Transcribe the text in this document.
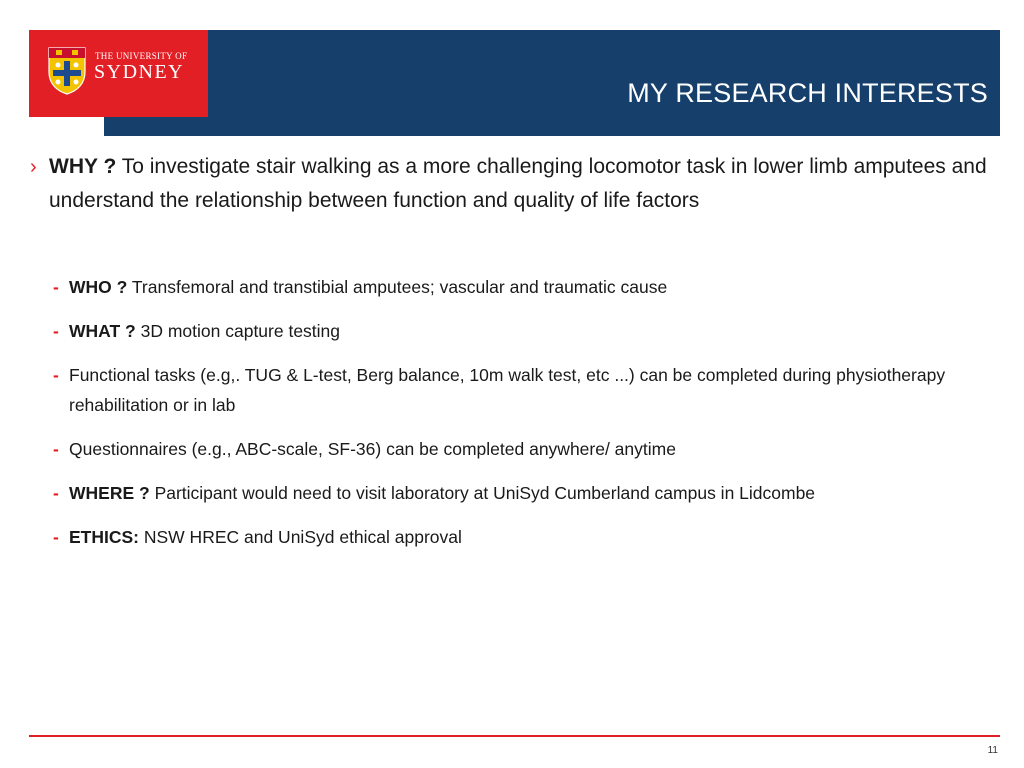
MY RESEARCH INTERESTS
THE UNIVERSITY OF
SYDNEY

› WHY ? To investigate stair walking as a more challenging locomotor task in lower limb amputees and understand the relationship between function and quality of life factors

- WHO ? Transfemoral and transtibial amputees; vascular and traumatic cause
- WHAT ? 3D motion capture testing
- Functional tasks (e.g,. TUG & L-test, Berg balance, 10m walk test, etc ...) can be completed during physiotherapy rehabilitation or in lab
- Questionnaires (e.g., ABC-scale, SF-36) can be completed anywhere/ anytime
- WHERE ? Participant would need to visit laboratory at UniSyd Cumberland campus in Lidcombe
- ETHICS: NSW HREC and UniSyd ethical approval
11
